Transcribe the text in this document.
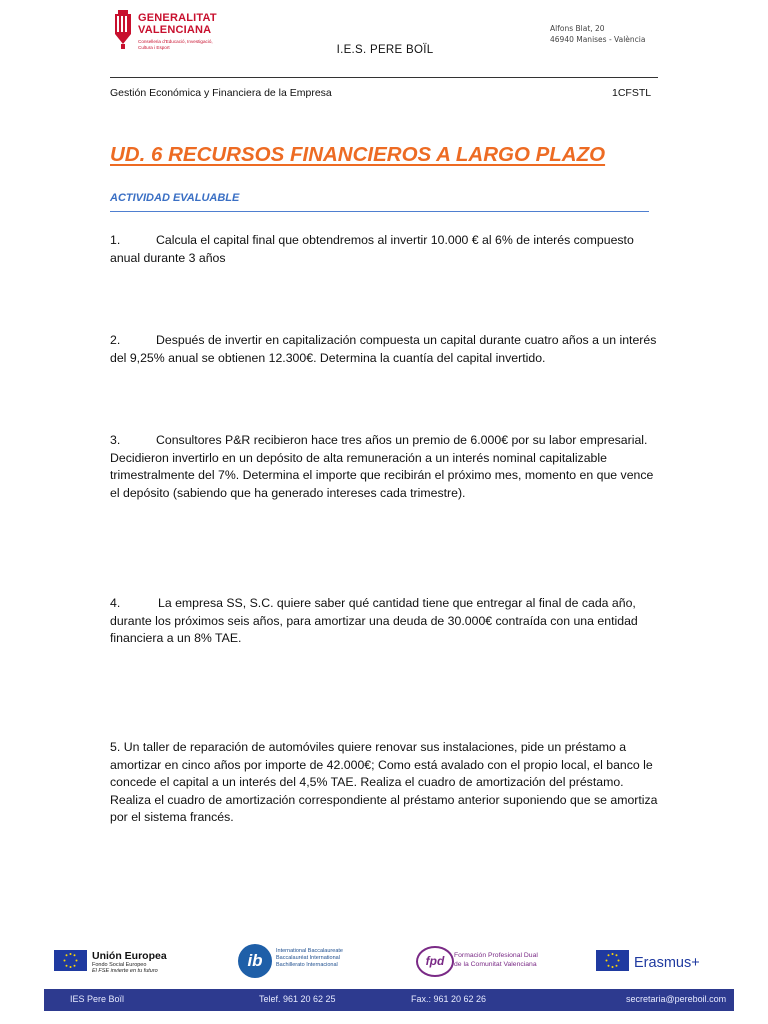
GENERALITAT
VALENCIANA
Conselleria d'Educació, Investigació, Cultura i Esport	I.E.S. PERE BOÏL
Alfons Blat, 20
46940 Manises - València
Gestión Económica y Financiera de la Empresa	1CFSTL
UD. 6 RECURSOS FINANCIEROS A LARGO PLAZO
ACTIVIDAD EVALUABLE
1.	Calcula el capital final que obtendremos al invertir 10.000 € al 6% de interés compuesto anual durante 3 años
2.	Después de invertir en capitalización compuesta un capital durante cuatro años a un interés del 9,25% anual se obtienen 12.300€. Determina la cuantía del capital invertido.
3.	Consultores P&R recibieron hace tres años un premio de 6.000€ por su labor empresarial. Decidieron invertirlo en un depósito de alta remuneración a un interés nominal capitalizable trimestralmente del 7%. Determina el importe que recibirán el próximo mes, momento en que vence el depósito (sabiendo que ha generado intereses cada trimestre).
4.	La empresa SS, S.C. quiere saber qué cantidad tiene que entregar al final de cada año, durante los próximos seis años, para amortizar una deuda de 30.000€ contraída con una entidad financiera a un 8% TAE.
5. Un taller de reparación de automóviles quiere renovar sus instalaciones, pide un préstamo a amortizar en cinco años por importe de 42.000€; Como está avalado con el propio local, el banco le concede el capital a un interés del 4,5% TAE. Realiza el cuadro de amortización del préstamo. Realiza el cuadro de amortización correspondiente al préstamo anterior suponiendo que se amortiza por el sistema francés.
Unión Europea
Fondo Social Europeo
El FSE invierte en tu futuro
ib	International Baccalaureate
Baccalauréat International
Bachillerato Internacional	fpd	Formación Profesional Dual
de la Comunitat Valenciana	Erasmus+
IES Pere Boïl	Telef. 961 20 62 25	Fax.: 961 20 62 26	secretaria@pereboil.com
